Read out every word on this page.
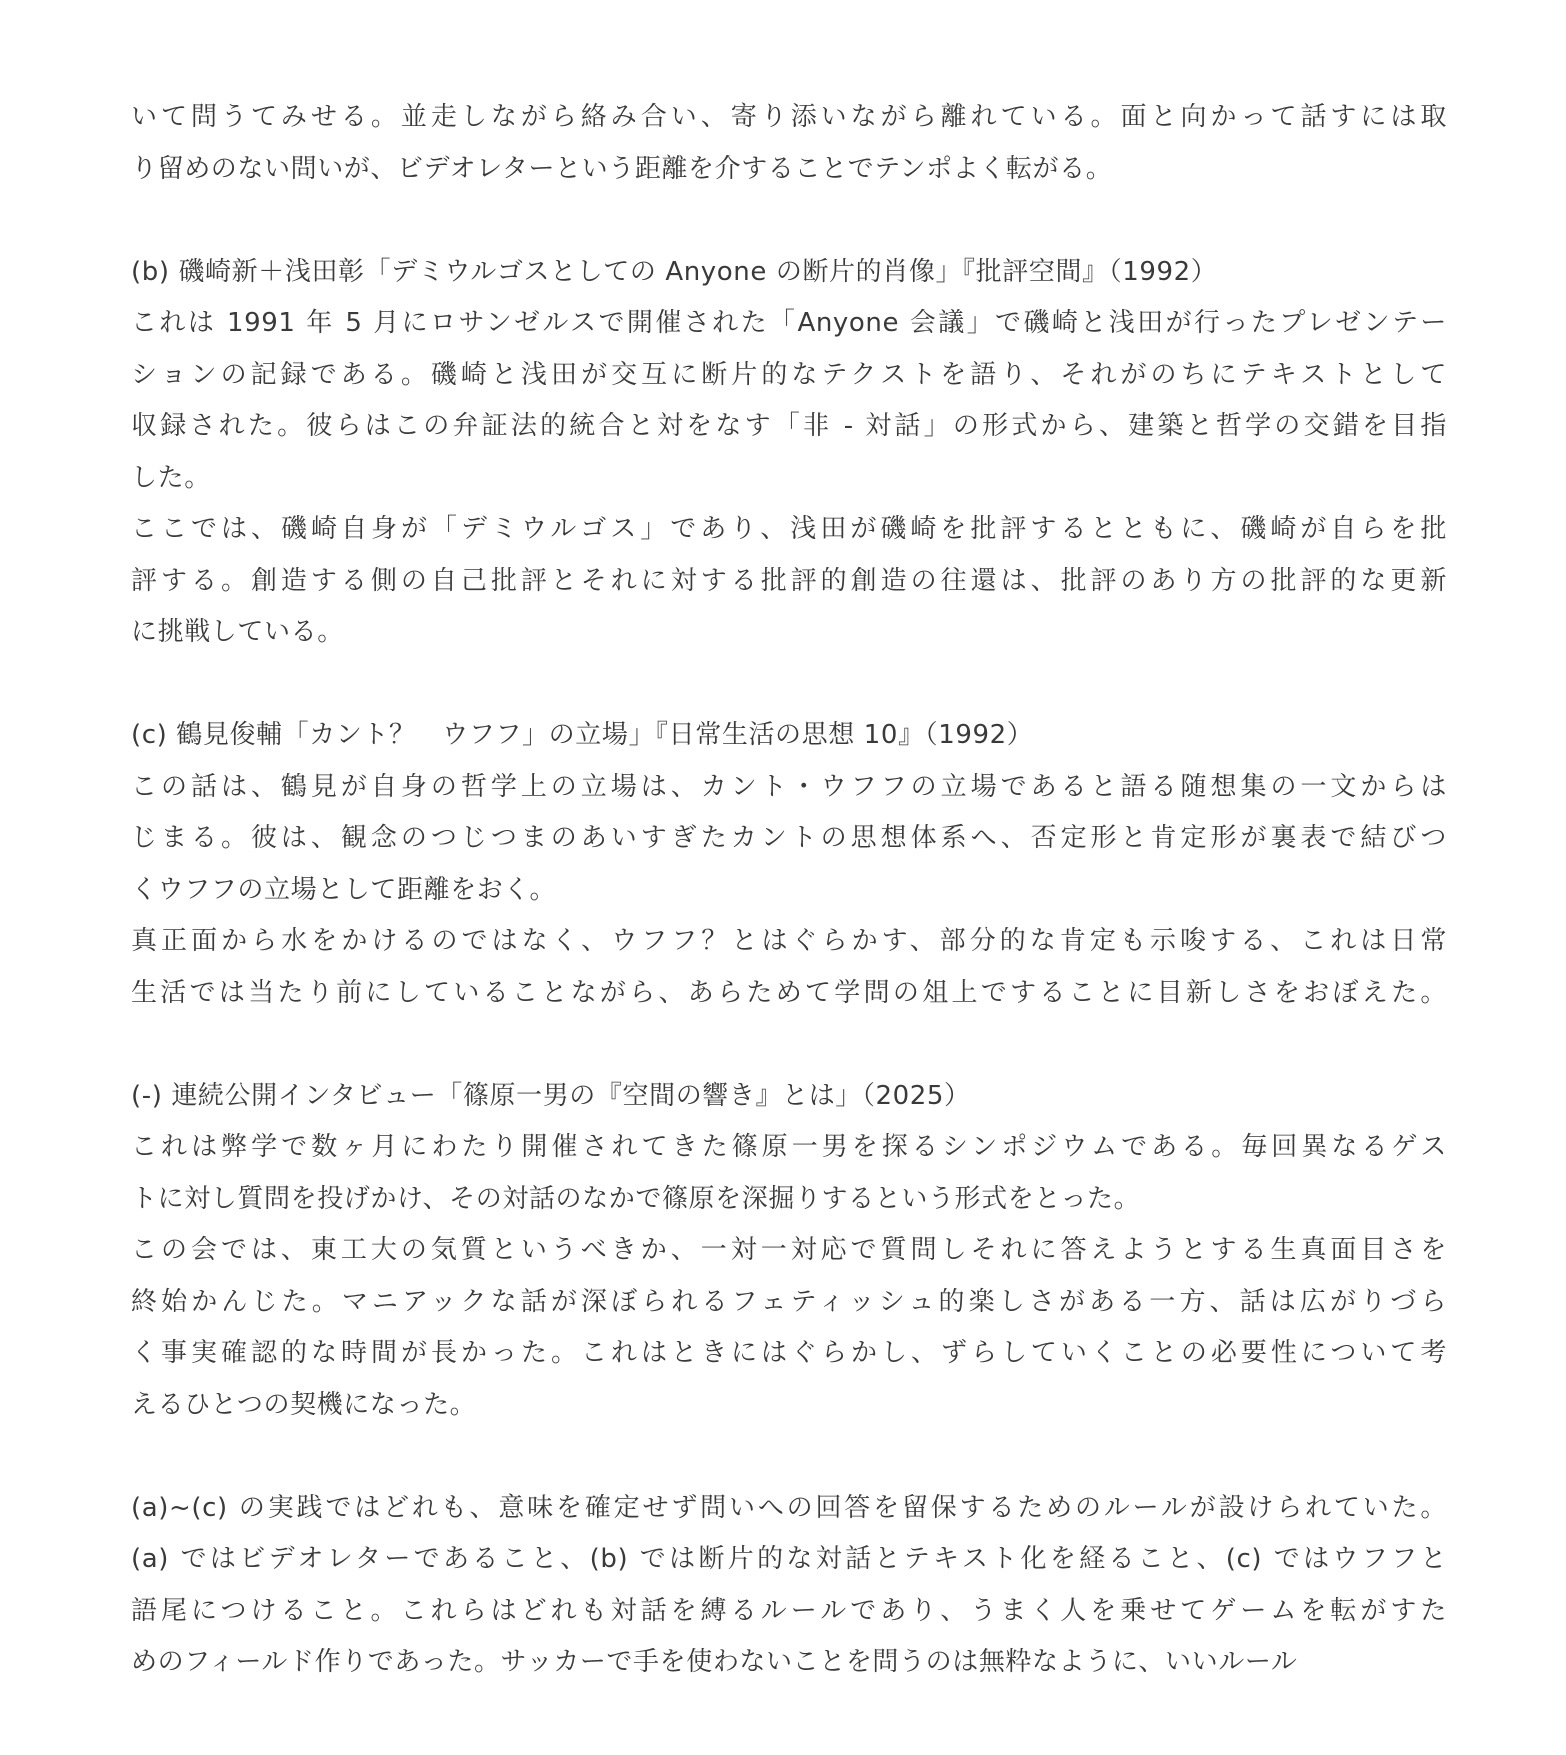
いて問うてみせる。並走しながら絡み合い、寄り添いながら離れている。面と向かって話すには取
り留めのない問いが、ビデオレターという距離を介することでテンポよく転がる。
(b) 磯崎新＋浅田彰「デミウルゴスとしての Anyone の断片的肖像」『批評空間』（1992）
これは 1991 年 5 月にロサンゼルスで開催された「Anyone 会議」で磯崎と浅田が行ったプレゼンテー
ションの記録である。磯崎と浅田が交互に断片的なテクストを語り、それがのちにテキストとして
収録された。彼らはこの弁証法的統合と対をなす「非 - 対話」の形式から、建築と哲学の交錯を目指
した。
ここでは、磯崎自身が「デミウルゴス」であり、浅田が磯崎を批評するとともに、磯崎が自らを批
評する。創造する側の自己批評とそれに対する批評的創造の往還は、批評のあり方の批評的な更新
に挑戦している。
(c) 鶴見俊輔「カント？　ウフフ」の立場」『日常生活の思想 10』（1992）
この話は、鶴見が自身の哲学上の立場は、カント・ウフフの立場であると語る随想集の一文からは
じまる。彼は、観念のつじつまのあいすぎたカントの思想体系へ、否定形と肯定形が裏表で結びつ
くウフフの立場として距離をおく。
真正面から水をかけるのではなく、ウフフ？とはぐらかす、部分的な肯定も示唆する、これは日常
生活では当たり前にしていることながら、あらためて学問の俎上ですることに目新しさをおぼえた。
(-) 連続公開インタビュー「篠原一男の『空間の響き』とは」（2025）
これは弊学で数ヶ月にわたり開催されてきた篠原一男を探るシンポジウムである。毎回異なるゲス
トに対し質問を投げかけ、その対話のなかで篠原を深掘りするという形式をとった。
この会では、東工大の気質というべきか、一対一対応で質問しそれに答えようとする生真面目さを
終始かんじた。マニアックな話が深ぼられるフェティッシュ的楽しさがある一方、話は広がりづら
く事実確認的な時間が長かった。これはときにはぐらかし、ずらしていくことの必要性について考
えるひとつの契機になった。
(a)~(c) の実践ではどれも、意味を確定せず問いへの回答を留保するためのルールが設けられていた。
(a) ではビデオレターであること、(b) では断片的な対話とテキスト化を経ること、(c) ではウフフと
語尾につけること。これらはどれも対話を縛るルールであり、うまく人を乗せてゲームを転がすた
めのフィールド作りであった。サッカーで手を使わないことを問うのは無粋なように、いいルール
